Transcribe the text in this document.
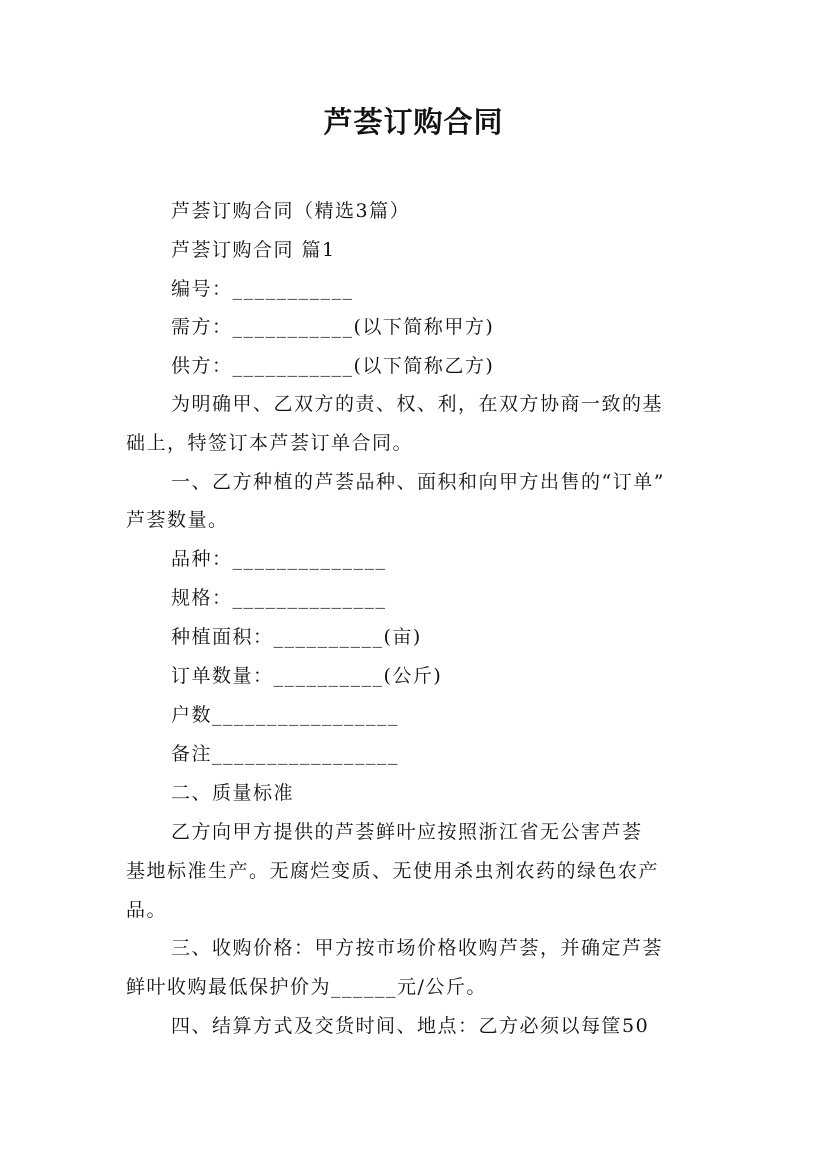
芦荟订购合同
芦荟订购合同（精选3篇）
芦荟订购合同 篇1
编号：___________
需方：___________(以下简称甲方)
供方：___________(以下简称乙方)
为明确甲、乙双方的责、权、利，在双方协商一致的基
础上，特签订本芦荟订单合同。
一、乙方种植的芦荟品种、面积和向甲方出售的“订单”
芦荟数量。
品种：______________
规格：______________
种植面积：__________(亩)
订单数量：__________(公斤)
户数_________________
备注_________________
二、质量标准
乙方向甲方提供的芦荟鲜叶应按照浙江省无公害芦荟
基地标准生产。无腐烂变质、无使用杀虫剂农药的绿色农产
品。
三、收购价格：甲方按市场价格收购芦荟，并确定芦荟
鲜叶收购最低保护价为______元/公斤。
四、结算方式及交货时间、地点：乙方必须以每筐50
